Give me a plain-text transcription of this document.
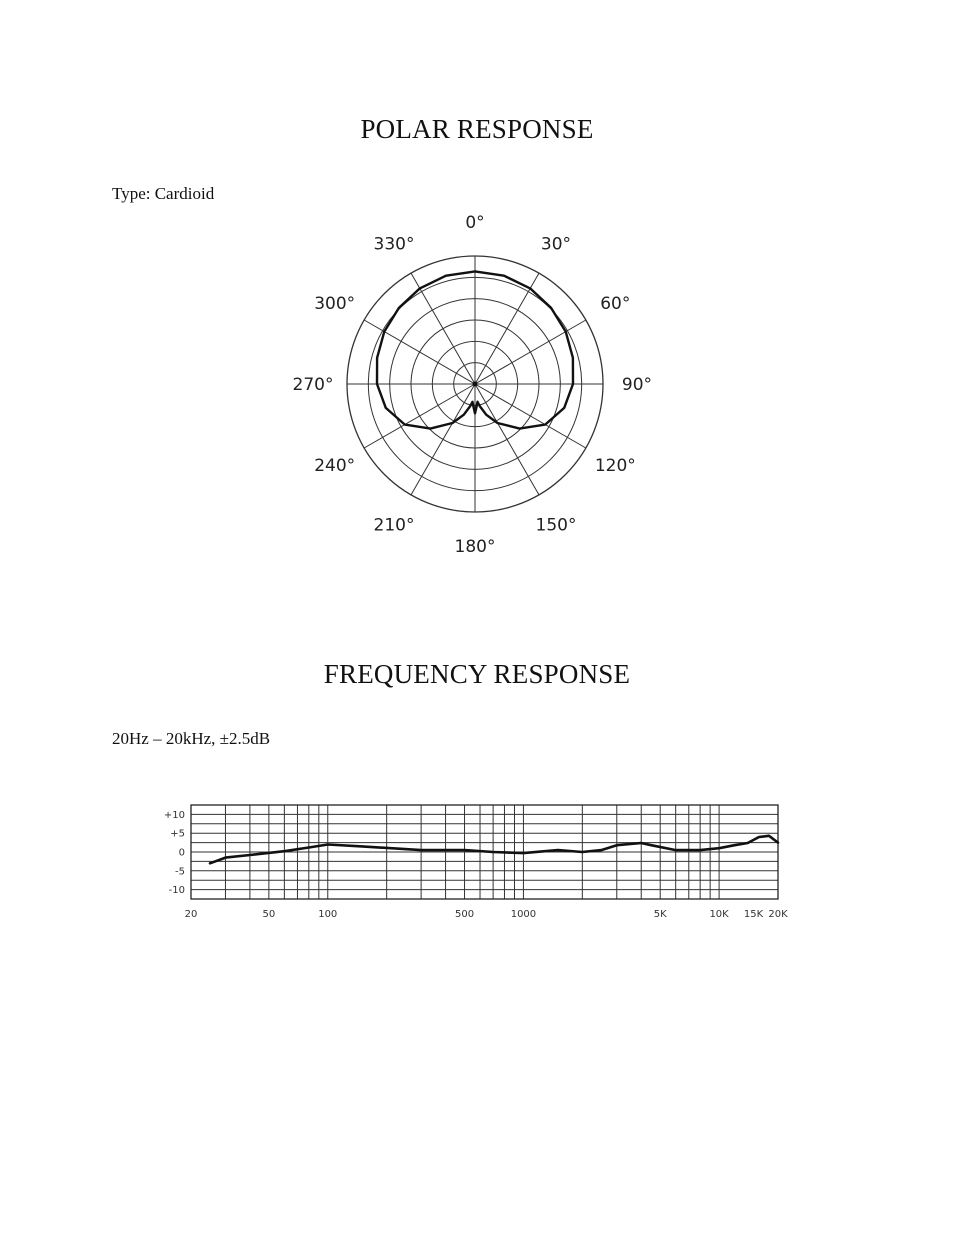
POLAR RESPONSE

Type: Cardioid

FREQUENCY RESPONSE

20Hz – 20kHz, ±2.5dB

0°
30°
60°
90°
120°
150°
180°
210°
240°
270°
300°
330°
+10
+5
0
-5
-10
20	50	100	500	1000	5K	10K 15K 20K
